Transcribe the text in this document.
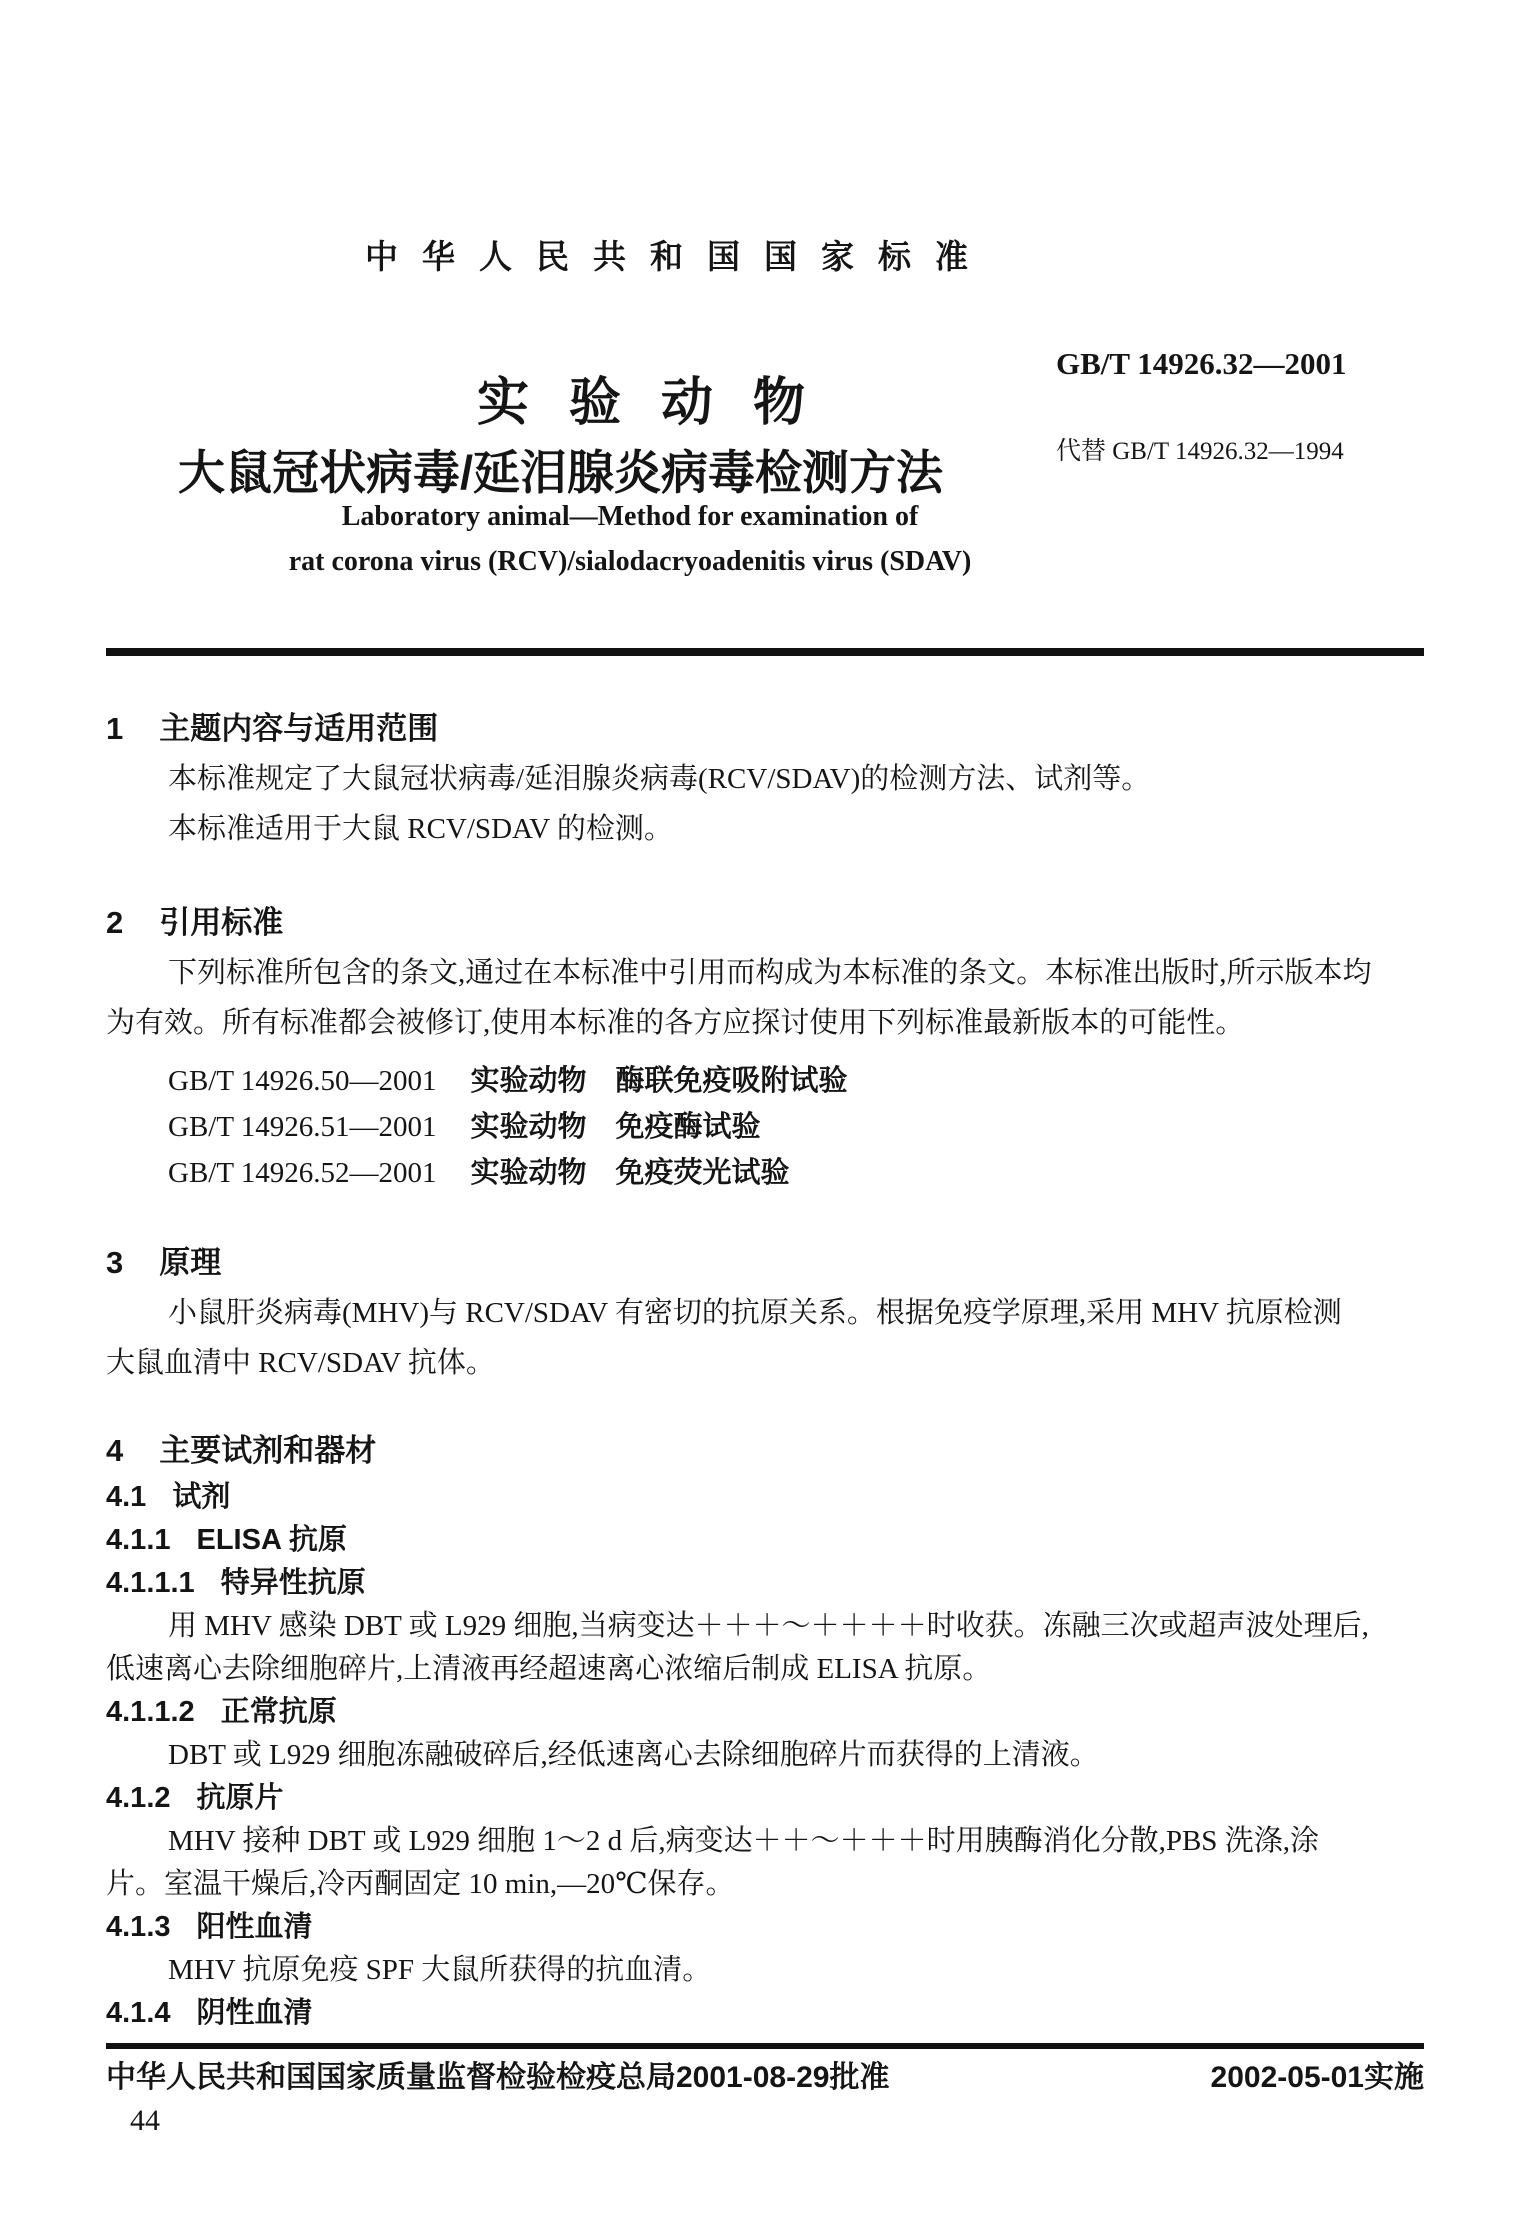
中华人民共和国国家标准
实验动物
GB/T 14926.32—2001
大鼠冠状病毒/延泪腺炎病毒检测方法	代替 GB/T 14926.32—1994
Laboratory animal—Method for examination of
rat corona virus (RCV)/sialodacryoadenitis virus (SDAV)
1 主题内容与适用范围
本标准规定了大鼠冠状病毒/延泪腺炎病毒(RCV/SDAV)的检测方法、试剂等。
本标准适用于大鼠 RCV/SDAV 的检测。
2 引用标准
下列标准所包含的条文,通过在本标准中引用而构成为本标准的条文。本标准出版时,所示版本均
为有效。所有标准都会被修订,使用本标准的各方应探讨使用下列标准最新版本的可能性。
GB/T 14926.50—2001 实验动物　酶联免疫吸附试验
GB/T 14926.51—2001 实验动物　免疫酶试验
GB/T 14926.52—2001 实验动物　免疫荧光试验
3 原理
小鼠肝炎病毒(MHV)与 RCV/SDAV 有密切的抗原关系。根据免疫学原理,采用 MHV 抗原检测
大鼠血清中 RCV/SDAV 抗体。
4 主要试剂和器材
4.1 试剂
4.1.1 ELISA 抗原
4.1.1.1 特异性抗原
用 MHV 感染 DBT 或 L929 细胞,当病变达＋＋＋～＋＋＋＋时收获。冻融三次或超声波处理后,
低速离心去除细胞碎片,上清液再经超速离心浓缩后制成 ELISA 抗原。
4.1.1.2 正常抗原
DBT 或 L929 细胞冻融破碎后,经低速离心去除细胞碎片而获得的上清液。
4.1.2 抗原片
MHV 接种 DBT 或 L929 细胞 1～2 d 后,病变达＋＋～＋＋＋时用胰酶消化分散,PBS 洗涤,涂
片。室温干燥后,冷丙酮固定 10 min,—20℃保存。
4.1.3 阳性血清
MHV 抗原免疫 SPF 大鼠所获得的抗血清。
4.1.4 阴性血清
中华人民共和国国家质量监督检验检疫总局2001-08-29批准	2002-05-01实施
44
